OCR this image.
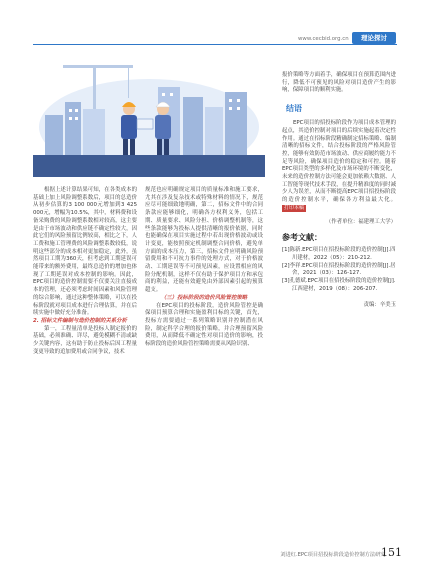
www.cecbid.org.cn	理论探讨

根据上述计算结果可知，在各类成本的基础上加上风险调整系数后，项目的总造价从初步估算的3 100 000元增加到3 425 000元，增幅为10.5%，其中，材料费和设备采购费的风险调整系数相对较高，这主要是由于市场波动和供应链不确定性较大，因此它们的风险预留比例较高，相比之下，人工费和施工管理费的风险调整系数较低，说明这些部分的成本相对更加稳定，此外，虽然项目工期为360天，但考虑到工期延误可能带来的额外费用，最终总造价的增加也体现了工期延误对成本控制的影响。因此，EPC项目的造价控制需要不仅要关注直接成本的管理，还必须考虑时间因素和风险管理的综合影响，通过这种整体策略，可以在投标阶段就对项目成本进行合理估算，并在后续实施中做好充分准备。

2. 招标文件编制与造价控制的关系分析

第一，工程量清单是投标人制定报价的基础，必须准确、详尽，避免模糊不清或缺少关键内容，这有助于防止投标后因工程量变更导致的追加费用或合同争议，技术

规范也应明确规定项目的质量标准和施工要求，尤其在涉及复杂技术或特殊材料的情况下，规范应尽可能细致地明确，第二，招标文件中的合同条款应能够细化，明确各方权利义务，包括工期、质量要求、风险分担、价格调整机制等，这些条款能够为投标人提供清晰的报价依据，同时也能确保在项目实施过程中若出现价格波动或设计变更，能按照预定机制调整合同价格，避免单方面的成本压力，第三，招标文件应明确风险预留费用和不可抗力事件的处理方式，对于价格波动、工期延误等不可预见因素，应设置相应的风险分配机制，这样不仅有助于保护项目方和承包商的利益，还能有效避免由外部因素引起的预算超支。

（三）投标阶段的造价风险管控策略

在EPC项目的投标阶段，造价风险管控是确保项目预算合理和实施盈利目标的关键，首先，投标方需要通过一系列策略识别并控制潜在风险，制定科学合理的报价策略，并合理预留风险费用，从而降低不确定性对项目造价的影响，投标阶段的造价风险管控策略需要从风险识别、

报价策略等方面着手，确保项目在预算范围内进行，降低不可预见的风险对项目造价产生的影响，保障项目的顺利实施。

结语

EPC项目的招投标阶段作为项目成本管理的起点，其造价控制对项目的后续实施起着决定性作用。通过在招标阶段精确制定招标策略、编制清晰的招标文件，结合投标阶段的严格风险管控，能够有效防范市场波动、供应商履约能力不足等风险，确保项目造价的稳定和可控。随着EPC项目类型的多样化及市场环境的不断变化，未来的造价控制方法可能会更加依赖大数据、人工智能等现代技术手段，在提升精准度的同时减少人为误差，从而不断提高EPC项目招投标阶段的造价控制水平，确保各方利益最大化。打印本稿

（作者单位：福建理工大学）

参考文献：

[1]陈新.EPC项目在招投标阶段的造价控制[J].四川建材，2022（05）：210-212.

[2]李祥.EPC项目在招投标阶段的造价控制[J].居舍，2021（03）：126-127.

[3]孔德斌.EPC项目在招投标阶段的造价控制[J].江西建材，2019（08）：206-207.

责编：辛美玉

刘进红.EPC项目招投标阶段造价控制方法研究
151
